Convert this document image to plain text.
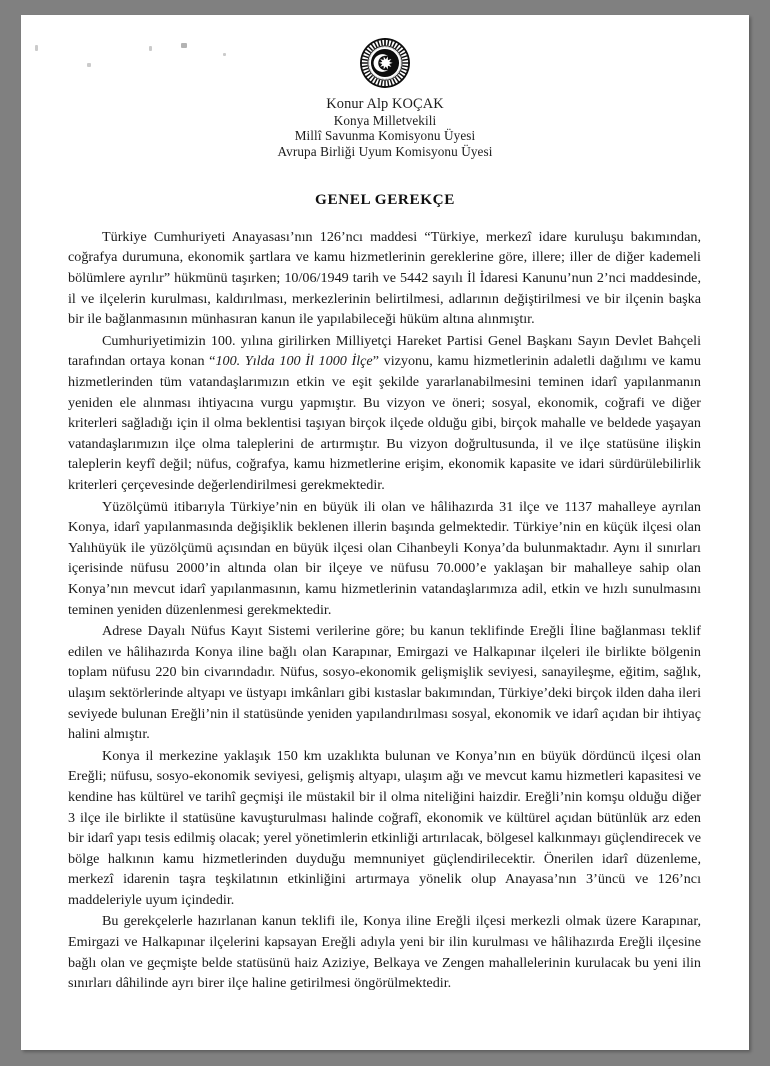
Konur Alp KOÇAK
Konya Milletvekili
Millî Savunma Komisyonu Üyesi
Avrupa Birliği Uyum Komisyonu Üyesi
GENEL GEREKÇE

Türkiye Cumhuriyeti Anayasası’nın 126’ncı maddesi “Türkiye, merkezî idare kuruluşu bakımından, coğrafya durumuna, ekonomik şartlara ve kamu hizmetlerinin gereklerine göre, illere; iller de diğer kademeli bölümlere ayrılır” hükmünü taşırken; 10/06/1949 tarih ve 5442 sayılı İl İdaresi Kanunu’nun 2’nci maddesinde, il ve ilçelerin kurulması, kaldırılması, merkezlerinin belirtilmesi, adlarının değiştirilmesi ve bir ilçenin başka bir ile bağlanmasının münhasıran kanun ile yapılabileceği hüküm altına alınmıştır.

Cumhuriyetimizin 100. yılına girilirken Milliyetçi Hareket Partisi Genel Başkanı Sayın Devlet Bahçeli tarafından ortaya konan “100. Yılda 100 İl 1000 İlçe” vizyonu, kamu hizmetlerinin adaletli dağılımı ve kamu hizmetlerinden tüm vatandaşlarımızın etkin ve eşit şekilde yararlanabilmesini teminen idarî yapılanmanın yeniden ele alınması ihtiyacına vurgu yapmıştır. Bu vizyon ve öneri; sosyal, ekonomik, coğrafi ve diğer kriterleri sağladığı için il olma beklentisi taşıyan birçok ilçede olduğu gibi, birçok mahalle ve beldede yaşayan vatandaşlarımızın ilçe olma taleplerini de artırmıştır. Bu vizyon doğrultusunda, il ve ilçe statüsüne ilişkin taleplerin keyfî değil; nüfus, coğrafya, kamu hizmetlerine erişim, ekonomik kapasite ve idari sürdürülebilirlik kriterleri çerçevesinde değerlendirilmesi gerekmektedir.

Yüzölçümü itibarıyla Türkiye’nin en büyük ili olan ve hâlihazırda 31 ilçe ve 1137 mahalleye ayrılan Konya, idarî yapılanmasında değişiklik beklenen illerin başında gelmektedir. Türkiye’nin en küçük ilçesi olan Yalıhüyük ile yüzölçümü açısından en büyük ilçesi olan Cihanbeyli Konya’da bulunmaktadır. Aynı il sınırları içerisinde nüfusu 2000’in altında olan bir ilçeye ve nüfusu 70.000’e yaklaşan bir mahalleye sahip olan Konya’nın mevcut idarî yapılanmasının, kamu hizmetlerinin vatandaşlarımıza adil, etkin ve hızlı sunulmasını teminen yeniden düzenlenmesi gerekmektedir.

Adrese Dayalı Nüfus Kayıt Sistemi verilerine göre; bu kanun teklifinde Ereğli İline bağlanması teklif edilen ve hâlihazırda Konya iline bağlı olan Karapınar, Emirgazi ve Halkapınar ilçeleri ile birlikte bölgenin toplam nüfusu 220 bin civarındadır. Nüfus, sosyo-ekonomik gelişmişlik seviyesi, sanayileşme, eğitim, sağlık, ulaşım sektörlerinde altyapı ve üstyapı imkânları gibi kıstaslar bakımından, Türkiye’deki birçok ilden daha ileri seviyede bulunan Ereğli’nin il statüsünde yeniden yapılandırılması sosyal, ekonomik ve idarî açıdan bir ihtiyaç halini almıştır.

Konya il merkezine yaklaşık 150 km uzaklıkta bulunan ve Konya’nın en büyük dördüncü ilçesi olan Ereğli; nüfusu, sosyo-ekonomik seviyesi, gelişmiş altyapı, ulaşım ağı ve mevcut kamu hizmetleri kapasitesi ve kendine has kültürel ve tarihî geçmişi ile müstakil bir il olma niteliğini haizdir. Ereğli’nin komşu olduğu diğer 3 ilçe ile birlikte il statüsüne kavuşturulması halinde coğrafî, ekonomik ve kültürel açıdan bütünlük arz eden bir idarî yapı tesis edilmiş olacak; yerel yönetimlerin etkinliği artırılacak, bölgesel kalkınmayı güçlendirecek ve bölge halkının kamu hizmetlerinden duyduğu memnuniyet güçlendirilecektir. Önerilen idarî düzenleme, merkezî idarenin taşra teşkilatının etkinliğini artırmaya yönelik olup Anayasa’nın 3’üncü ve 126’ncı maddeleriyle uyum içindedir.

Bu gerekçelerle hazırlanan kanun teklifi ile, Konya iline Ereğli ilçesi merkezli olmak üzere Karapınar, Emirgazi ve Halkapınar ilçelerini kapsayan Ereğli adıyla yeni bir ilin kurulması ve hâlihazırda Ereğli ilçesine bağlı olan ve geçmişte belde statüsünü haiz Aziziye, Belkaya ve Zengen mahallelerinin kurulacak bu yeni ilin sınırları dâhilinde ayrı birer ilçe haline getirilmesi öngörülmektedir.
